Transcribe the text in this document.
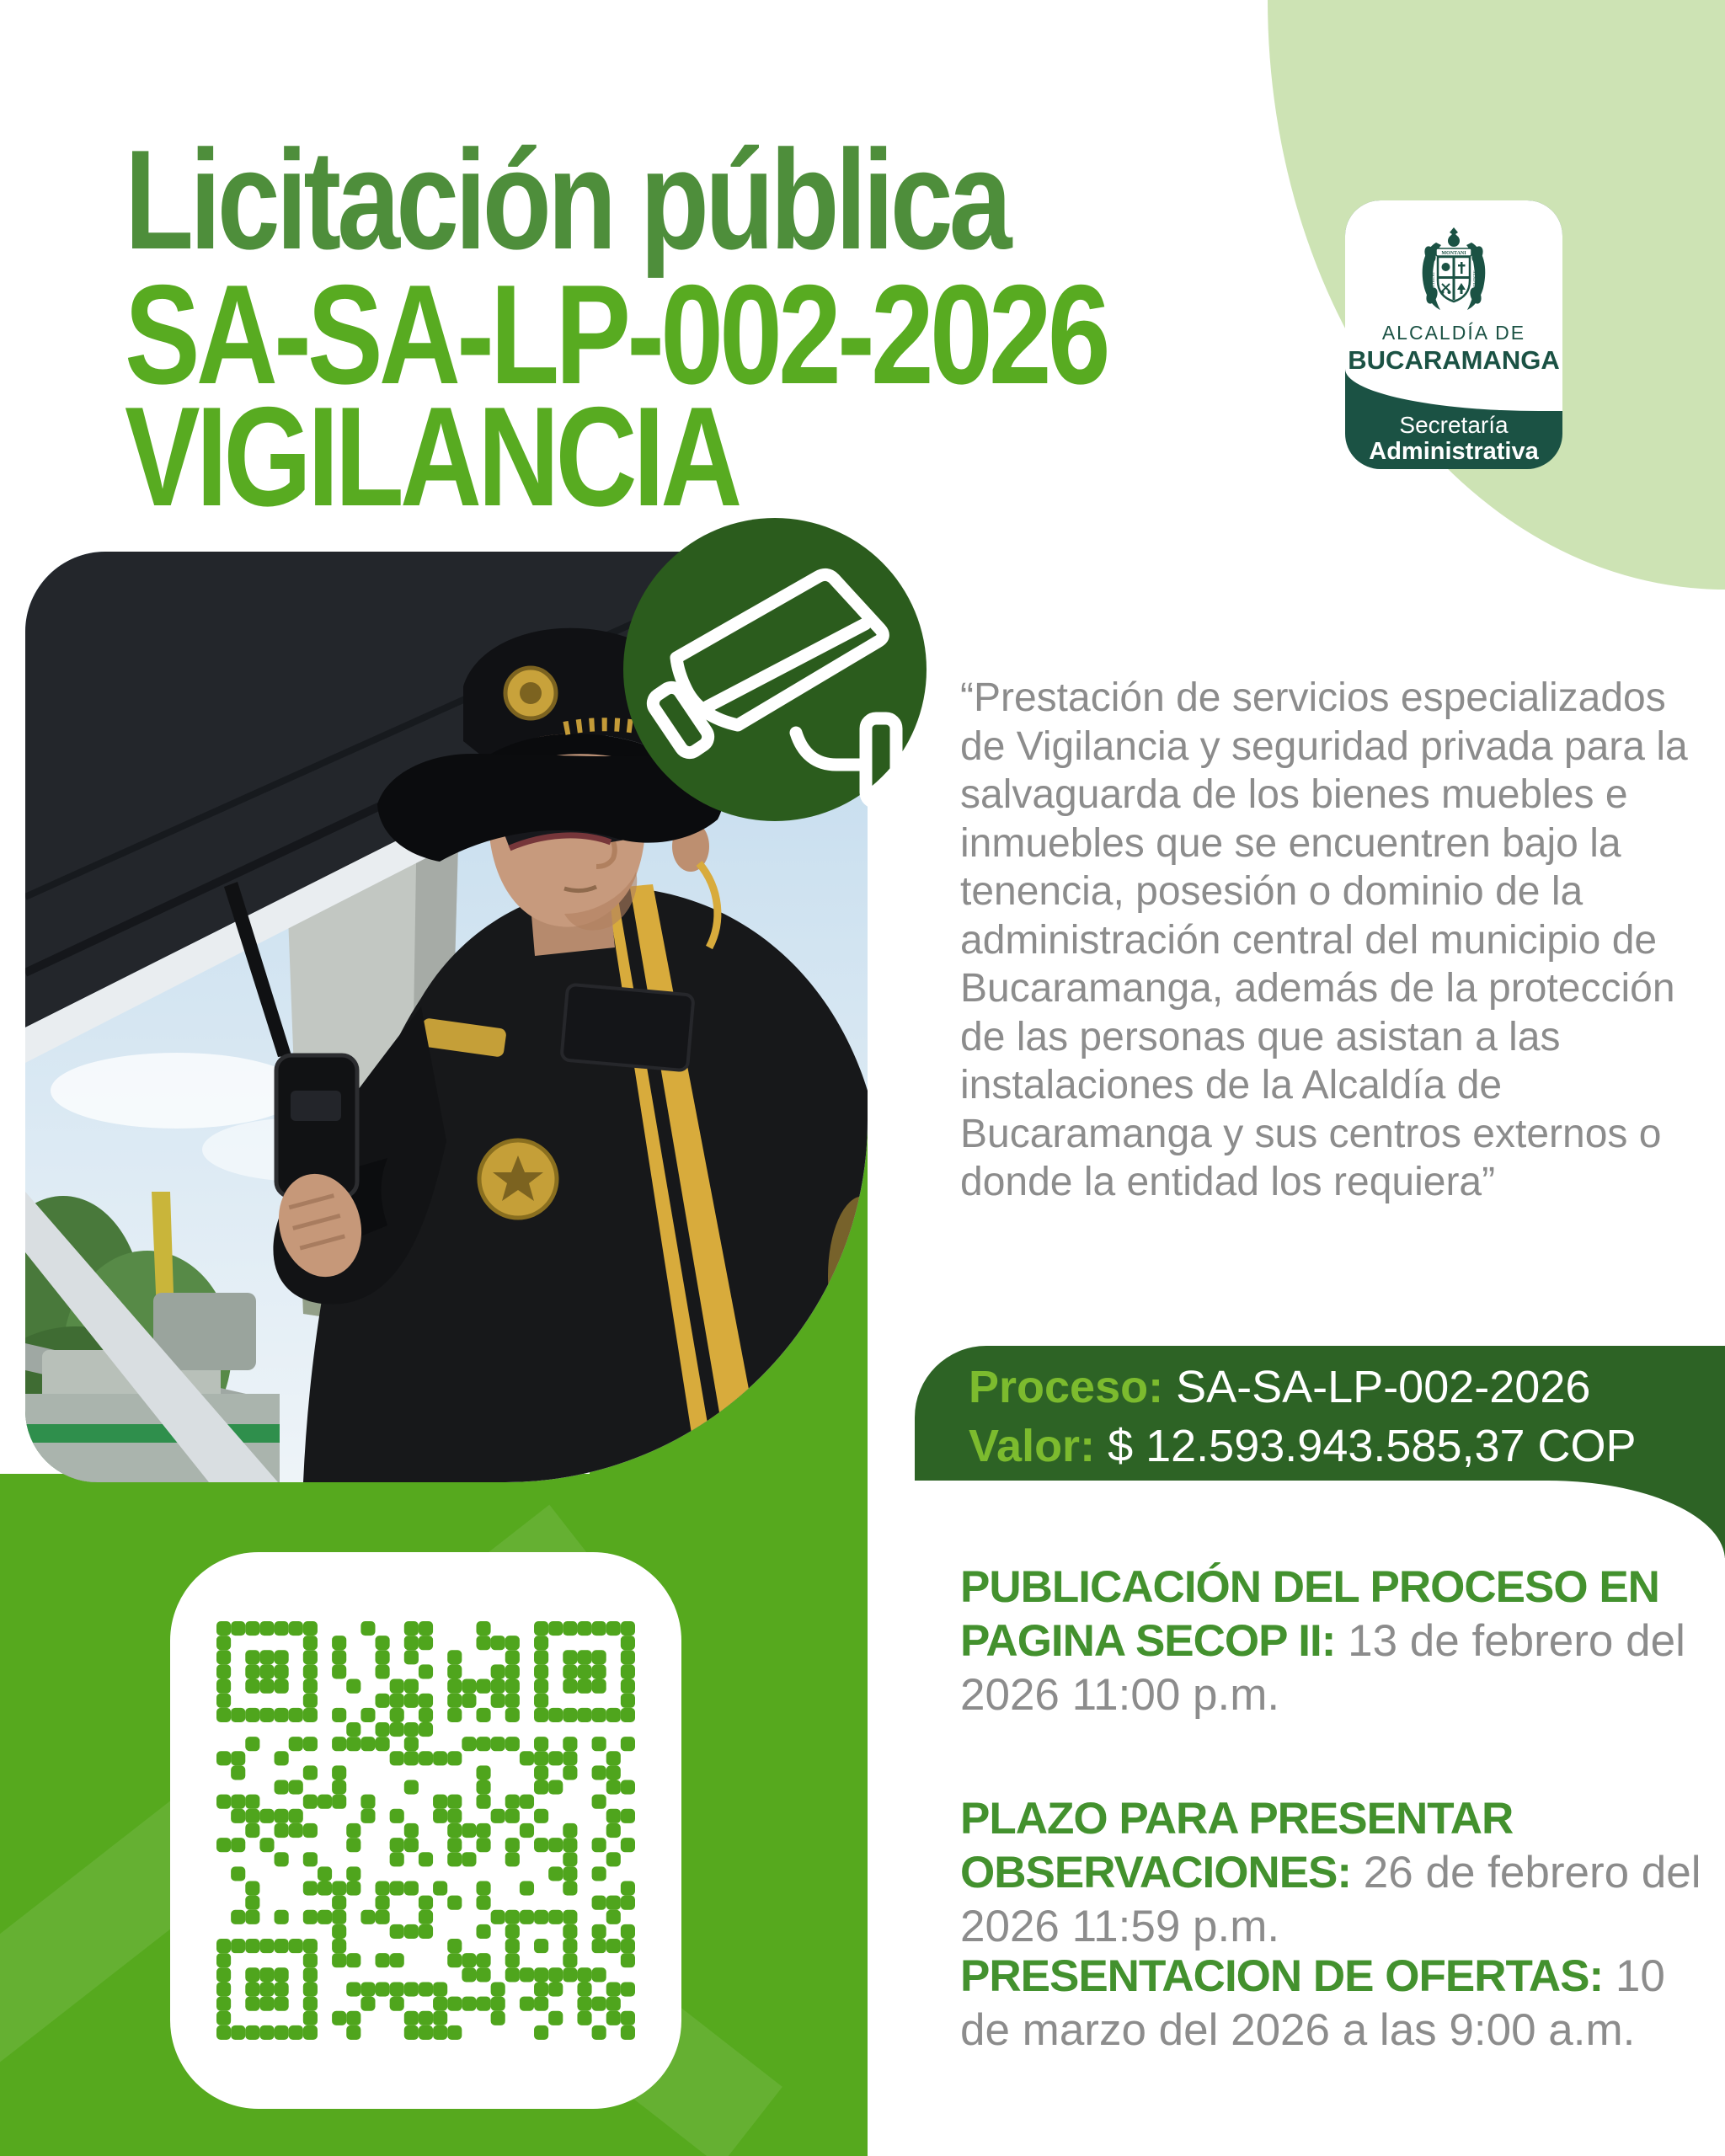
Licitación pública
SA-SA-LP-002-2026
VIGILANCIA
MONTANI
LIBERI	SEMPER
ALCALDÍA DE
BUCARAMANGA
Secretaría
Administrativa

“Prestación de servicios especializados de Vigilancia y seguridad privada para la salvaguarda de los bienes muebles e inmuebles que se encuentren bajo la tenencia, posesión o dominio de la administración central del municipio de Bucaramanga, además de la protección de las personas que asistan a las instalaciones de la Alcaldía de Bucaramanga y sus centros externos o donde la entidad los requiera”

Proceso: SA-SA-LP-002-2026
Valor: $ 12.593.943.585,37 COP

PUBLICACIÓN DEL PROCESO EN PAGINA SECOP II: 13 de febrero del 2026 11:00 p.m.

PLAZO PARA PRESENTAR OBSERVACIONES: 26 de febrero del 2026 11:59 p.m.

PRESENTACION DE OFERTAS: 10 de marzo del 2026 a las 9:00 a.m.
